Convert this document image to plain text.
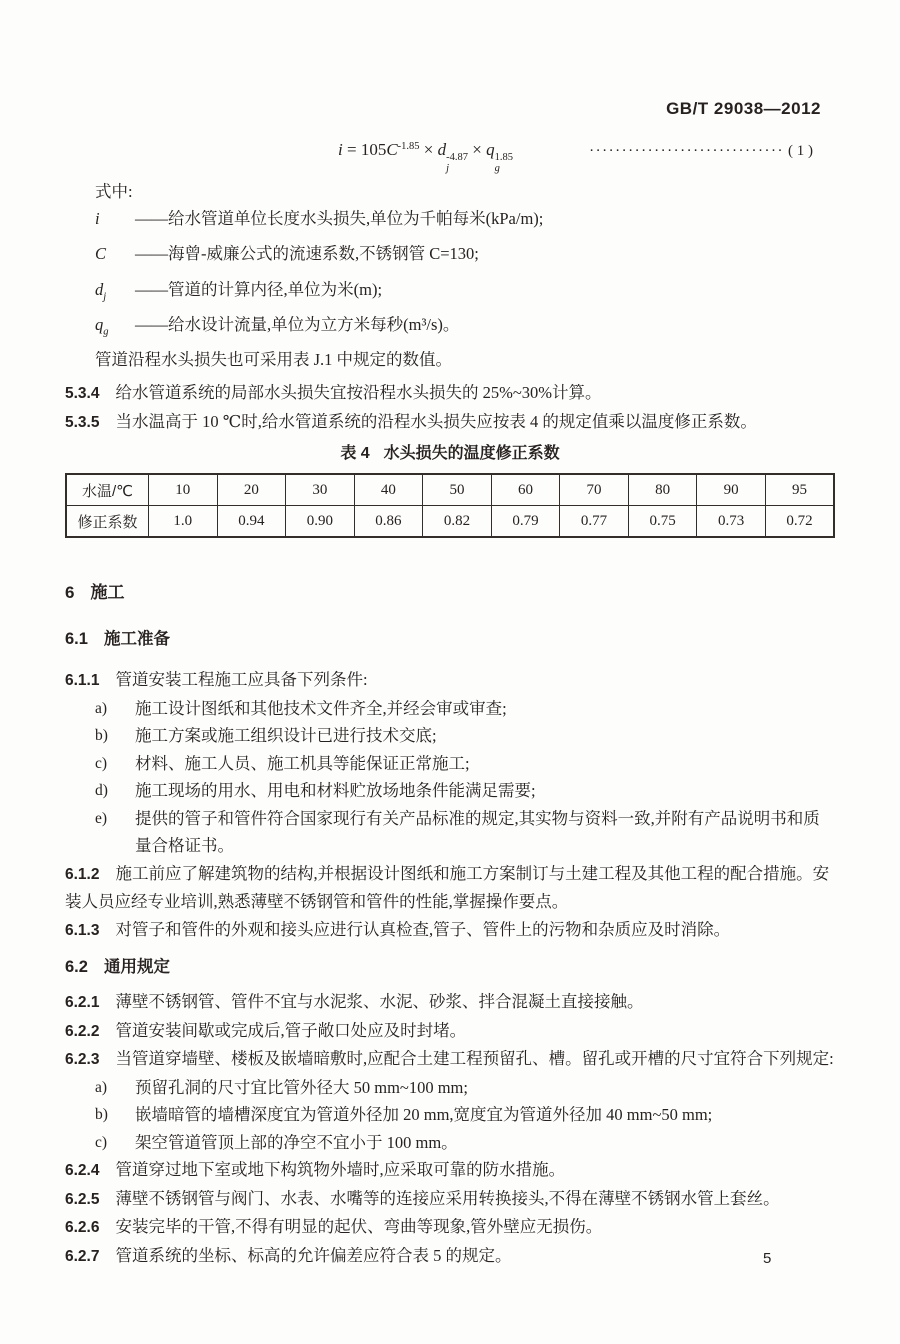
GB/T 29038—2012
$i = 105C^{-1.85} \times d$ -4.87
j
× q 1.85
g
······························ ( 1 )

式中:

i	——给水管道单位长度水头损失,单位为千帕每米(kPa/m);
C	——海曾-威廉公式的流速系数,不锈钢管 C=130;
$d_j$	——管道的计算内径,单位为米(m);
$q_g$	——给水设计流量,单位为立方米每秒(m³/s)。

管道沿程水头损失也可采用表 J.1 中规定的数值。

5.3.4 给水管道系统的局部水头损失宜按沿程水头损失的 25%~30%计算。

5.3.5 当水温高于 10 ℃时,给水管道系统的沿程水头损失应按表 4 的规定值乘以温度修正系数。

表 4 水头损失的温度修正系数
水温/℃	10	20	30	40	50	60	70	80	90	95
修正系数	1.0	0.94	0.90	0.86	0.82	0.79	0.77	0.75	0.73	0.72
6 施工
6.1 施工准备

6.1.1 管道安装工程施工应具备下列条件:

a)	施工设计图纸和其他技术文件齐全,并经会审或审查;
b)	施工方案或施工组织设计已进行技术交底;
c)	材料、施工人员、施工机具等能保证正常施工;
d)	施工现场的用水、用电和材料贮放场地条件能满足需要;
e)	提供的管子和管件符合国家现行有关产品标准的规定,其实物与资料一致,并附有产品说明书和质量合格证书。

6.1.2 施工前应了解建筑物的结构,并根据设计图纸和施工方案制订与土建工程及其他工程的配合措施。安装人员应经专业培训,熟悉薄壁不锈钢管和管件的性能,掌握操作要点。

6.1.3 对管子和管件的外观和接头应进行认真检查,管子、管件上的污物和杂质应及时消除。

6.2 通用规定

6.2.1 薄壁不锈钢管、管件不宜与水泥浆、水泥、砂浆、拌合混凝土直接接触。

6.2.2 管道安装间歇或完成后,管子敞口处应及时封堵。

6.2.3 当管道穿墙壁、楼板及嵌墙暗敷时,应配合土建工程预留孔、槽。留孔或开槽的尺寸宜符合下列规定:

a)	预留孔洞的尺寸宜比管外径大 50 mm~100 mm;
b)	嵌墙暗管的墙槽深度宜为管道外径加 20 mm,宽度宜为管道外径加 40 mm~50 mm;
c)	架空管道管顶上部的净空不宜小于 100 mm。

6.2.4 管道穿过地下室或地下构筑物外墙时,应采取可靠的防水措施。

6.2.5 薄壁不锈钢管与阀门、水表、水嘴等的连接应采用转换接头,不得在薄壁不锈钢水管上套丝。

6.2.6 安装完毕的干管,不得有明显的起伏、弯曲等现象,管外壁应无损伤。

6.2.7 管道系统的坐标、标高的允许偏差应符合表 5 的规定。	5
